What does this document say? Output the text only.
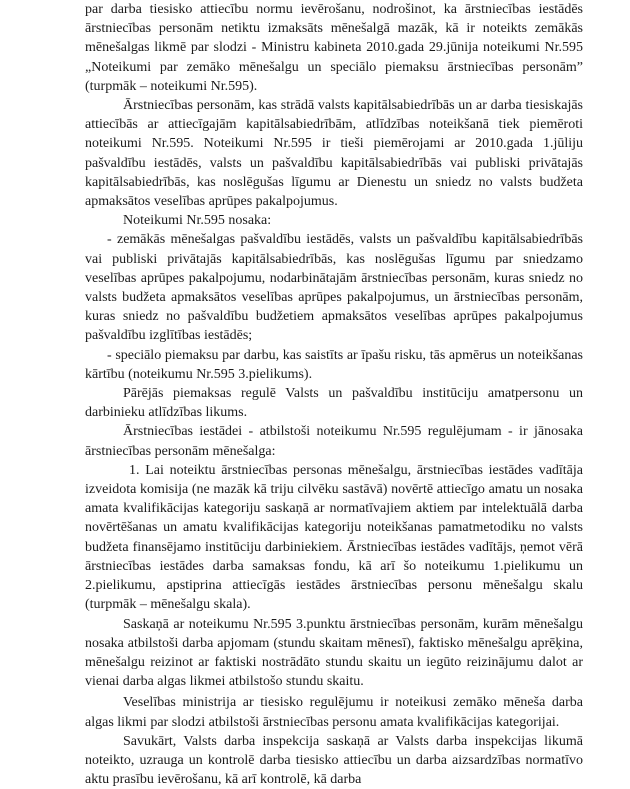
par darba tiesisko attiecību normu ievērošanu, nodrošinot, ka ārstniecības iestādēs ārstniecības personām netiktu izmaksāts mēnešalgā mazāk, kā ir noteikts zemākās mēnešalgas likmē par slodzi - Ministru kabineta 2010.gada 29.jūnija noteikumi Nr.595 „Noteikumi par zemāko mēnešalgu un speciālo piemaksu ārstniecības personām” (turpmāk – noteikumi Nr.595).

Ārstniecības personām, kas strādā valsts kapitālsabiedrībās un ar darba tiesiskajās attiecībās ar attiecīgajām kapitālsabiedrībām, atlīdzības noteikšanā tiek piemēroti noteikumi Nr.595. Noteikumi Nr.595 ir tieši piemērojami ar 2010.gada 1.jūliju pašvaldību iestādēs, valsts un pašvaldību kapitālsabiedrībās vai publiski privātajās kapitālsabiedrībās, kas noslēgušas līgumu ar Dienestu un sniedz no valsts budžeta apmaksātos veselības aprūpes pakalpojumus.

Noteikumi Nr.595 nosaka:

- zemākās mēnešalgas pašvaldību iestādēs, valsts un pašvaldību kapitālsabiedrībās vai publiski privātajās kapitālsabiedrībās, kas noslēgušas līgumu par sniedzamo veselības aprūpes pakalpojumu, nodarbinātajām ārstniecības personām, kuras sniedz no valsts budžeta apmaksātos veselības aprūpes pakalpojumus, un ārstniecības personām, kuras sniedz no pašvaldību budžetiem apmaksātos veselības aprūpes pakalpojumus pašvaldību izglītības iestādēs;

- speciālo piemaksu par darbu, kas saistīts ar īpašu risku, tās apmērus un noteikšanas kārtību (noteikumu Nr.595 3.pielikums).

Pārējās piemaksas regulē Valsts un pašvaldību institūciju amatpersonu un darbinieku atlīdzības likums.

Ārstniecības iestādei - atbilstoši noteikumu Nr.595 regulējumam - ir jānosaka ārstniecības personām mēnešalga:

1. Lai noteiktu ārstniecības personas mēnešalgu, ārstniecības iestādes vadītāja izveidota komisija (ne mazāk kā triju cilvēku sastāvā) novērtē attiecīgo amatu un nosaka amata kvalifikācijas kategoriju saskaņā ar normatīvajiem aktiem par intelektuālā darba novērtēšanas un amatu kvalifikācijas kategoriju noteikšanas pamatmetodiku no valsts budžeta finansējamo institūciju darbiniekiem. Ārstniecības iestādes vadītājs, ņemot vērā ārstniecības iestādes darba samaksas fondu, kā arī šo noteikumu 1.pielikumu un 2.pielikumu, apstiprina attiecīgās iestādes ārstniecības personu mēnešalgu skalu (turpmāk – mēnešalgu skala).

Saskaņā ar noteikumu Nr.595 3.punktu ārstniecības personām, kurām mēnešalgu nosaka atbilstoši darba apjomam (stundu skaitam mēnesī), faktisko mēnešalgu aprēķina, mēnešalgu reizinot ar faktiski nostrādāto stundu skaitu un iegūto reizinājumu dalot ar vienai darba algas likmei atbilstošo stundu skaitu.

Veselības ministrija ar tiesisko regulējumu ir noteikusi zemāko mēneša darba algas likmi par slodzi atbilstoši ārstniecības personu amata kvalifikācijas kategorijai.

Savukārt, Valsts darba inspekcija saskaņā ar Valsts darba inspekcijas likumā noteikto, uzrauga un kontrolē darba tiesisko attiecību un darba aizsardzības normatīvo aktu prasību ievērošanu, kā arī kontrolē, kā darba
